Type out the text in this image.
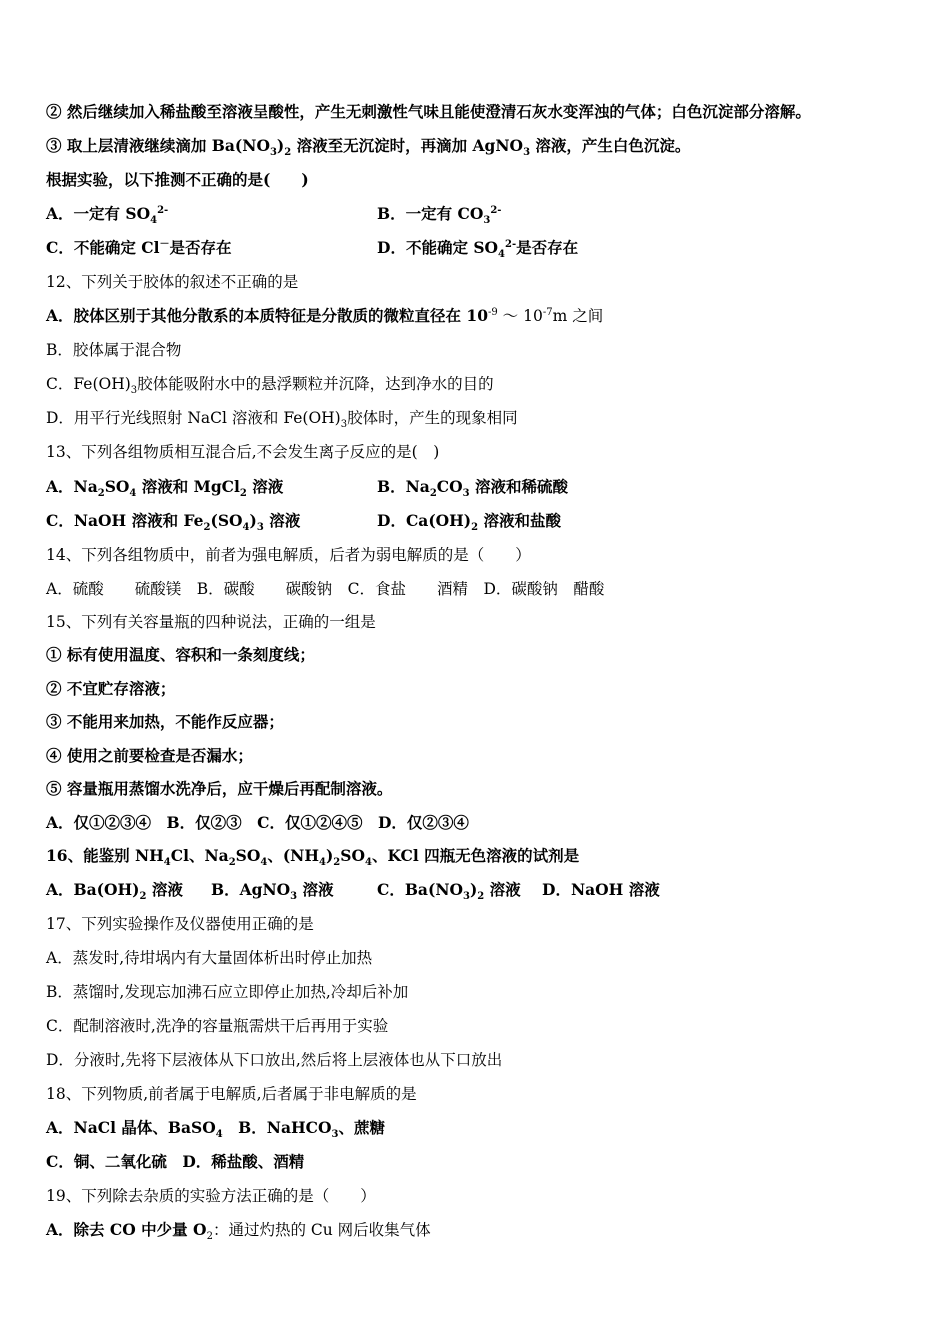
② 然后继续加入稀盐酸至溶液呈酸性，产生无刺激性气味且能使澄清石灰水变浑浊的气体；白色沉淀部分溶解。
③ 取上层清液继续滴加 $Ba(NO_3)_2$ 溶液至无沉淀时，再滴加 AgNO$_3$ 溶液，产生白色沉淀。
根据实验，以下推测不正确的是(　　)
A．一定有 $SO_4^{2-}$	B．一定有 $CO_3^{2-}$
C．不能确定 Cl－是否存在	D．不能确定 $SO_4^{2-}$是否存在
12、下列关于胶体的叙述不正确的是
A．胶体区别于其他分散系的本质特征是分散质的微粒直径在 $10^{-9}$ ～ $10^{-7}m$ 之间
B．胶体属于混合物
C．$Fe(OH)_3$胶体能吸附水中的悬浮颗粒并沉降，达到净水的目的
D．用平行光线照射 NaCl 溶液和 $Fe(OH)_3$胶体时，产生的现象相同
13、下列各组物质相互混合后,不会发生离子反应的是(　)
A．$Na_2SO_4$ 溶液和 MgCl$_2$ 溶液	B．$Na_2CO_3$ 溶液和稀硫酸
C．NaOH 溶液和 $Fe_2(SO_4)_3$ 溶液	D．$Ca(OH)_2$ 溶液和盐酸
14、下列各组物质中，前者为强电解质，后者为弱电解质的是（　　）
A．硫酸　　硫酸镁　B．碳酸　　碳酸钠　C．食盐　　酒精　D．碳酸钠　醋酸
15、下列有关容量瓶的四种说法，正确的一组是
① 标有使用温度、容积和一条刻度线；
② 不宜贮存溶液；
③ 不能用来加热，不能作反应器；
④ 使用之前要检查是否漏水；
⑤ 容量瓶用蒸馏水洗净后，应干燥后再配制溶液。
A．仅①②③④　B．仅②③　C．仅①②④⑤　D．仅②③④
16、能鉴别 $NH_4Cl$、$Na_2SO_4$、$(NH_4)_2SO_4$、KCl 四瓶无色溶液的试剂是
A．$Ba(OH)_2$ 溶液 B．AgNO$_3$ 溶液	C．$Ba(NO_3)_2$ 溶液 D．NaOH 溶液
17、下列实验操作及仪器使用正确的是
A．蒸发时,待坩埚内有大量固体析出时停止加热
B．蒸馏时,发现忘加沸石应立即停止加热,冷却后补加
C．配制溶液时,洗净的容量瓶需烘干后再用于实验
D．分液时,先将下层液体从下口放出,然后将上层液体也从下口放出
18、下列物质,前者属于电解质,后者属于非电解质的是
A．NaCl 晶体、BaSO$_4$　B．NaHCO$_3$、蔗糖
C．铜、二氧化硫　D．稀盐酸、酒精
19、下列除去杂质的实验方法正确的是（　　）
A．除去 CO 中少量 $O_2$：通过灼热的 Cu 网后收集气体
